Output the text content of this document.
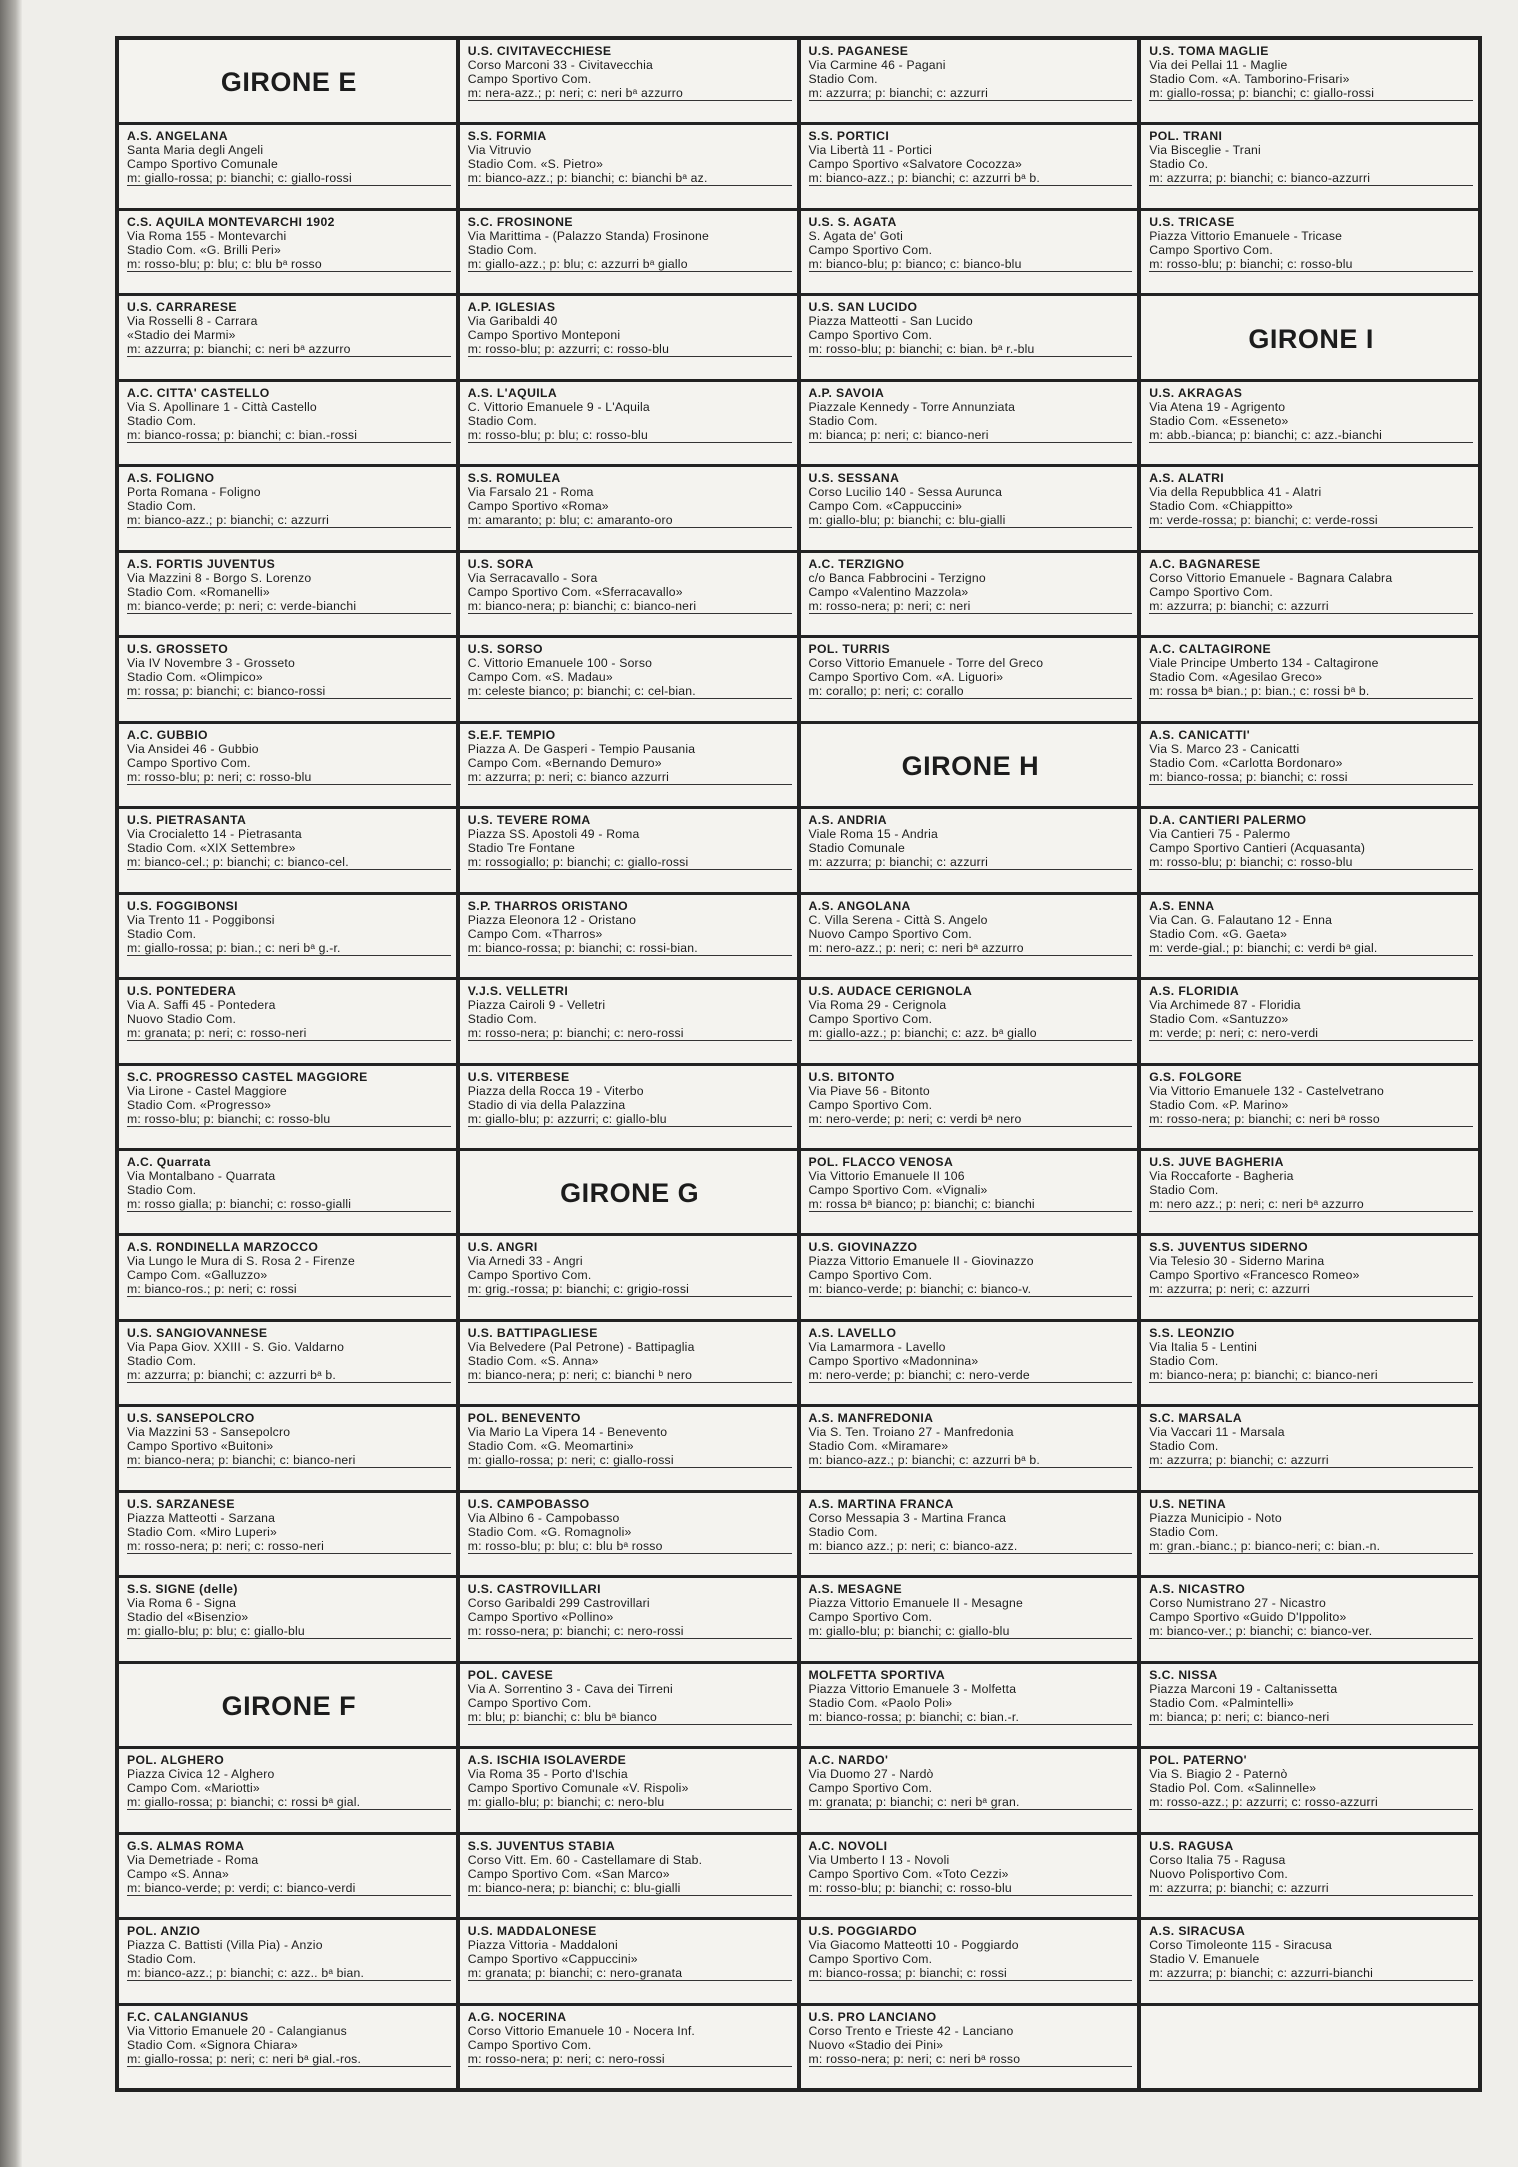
GIRONE E
A.S. ANGELANA
Santa Maria degli Angeli
Campo Sportivo Comunale
m: giallo-rossa; p: bianchi; c: giallo-rossi
C.S. AQUILA MONTEVARCHI 1902
Via Roma 155 - Montevarchi
Stadio Com. «G. Brilli Peri»
m: rosso-blu; p: blu; c: blu bᵃ rosso
U.S. CARRARESE
Via Rosselli 8 - Carrara
«Stadio dei Marmi»
m: azzurra; p: bianchi; c: neri bᵃ azzurro
A.C. CITTA' CASTELLO
Via S. Apollinare 1 - Città Castello
Stadio Com.
m: bianco-rossa; p: bianchi; c: bian.-rossi
A.S. FOLIGNO
Porta Romana - Foligno
Stadio Com.
m: bianco-azz.; p: bianchi; c: azzurri
A.S. FORTIS JUVENTUS
Via Mazzini 8 - Borgo S. Lorenzo
Stadio Com. «Romanelli»
m: bianco-verde; p: neri; c: verde-bianchi
U.S. GROSSETO
Via IV Novembre 3 - Grosseto
Stadio Com. «Olimpico»
m: rossa; p: bianchi; c: bianco-rossi
A.C. GUBBIO
Via Ansidei 46 - Gubbio
Campo Sportivo Com.
m: rosso-blu; p: neri; c: rosso-blu
U.S. PIETRASANTA
Via Crocialetto 14 - Pietrasanta
Stadio Com. «XIX Settembre»
m: bianco-cel.; p: bianchi; c: bianco-cel.
U.S. FOGGIBONSI
Via Trento 11 - Poggibonsi
Stadio Com.
m: giallo-rossa; p: bian.; c: neri bᵃ g.-r.
U.S. PONTEDERA
Via A. Saffi 45 - Pontedera
Nuovo Stadio Com.
m: granata; p: neri; c: rosso-neri
S.C. PROGRESSO CASTEL MAGGIORE
Via Lirone - Castel Maggiore
Stadio Com. «Progresso»
m: rosso-blu; p: bianchi; c: rosso-blu
A.C. Quarrata
Via Montalbano - Quarrata
Stadio Com.
m: rosso gialla; p: bianchi; c: rosso-gialli
A.S. RONDINELLA MARZOCCO
Via Lungo le Mura di S. Rosa 2 - Firenze
Campo Com. «Galluzzo»
m: bianco-ros.; p: neri; c: rossi
U.S. SANGIOVANNESE
Via Papa Giov. XXIII - S. Gio. Valdarno
Stadio Com.
m: azzurra; p: bianchi; c: azzurri bᵃ b.
U.S. SANSEPOLCRO
Via Mazzini 53 - Sansepolcro
Campo Sportivo «Buitoni»
m: bianco-nera; p: bianchi; c: bianco-neri
U.S. SARZANESE
Piazza Matteotti - Sarzana
Stadio Com. «Miro Luperi»
m: rosso-nera; p: neri; c: rosso-neri
S.S. SIGNE (delle)
Via Roma 6 - Signa
Stadio del «Bisenzio»
m: giallo-blu; p: blu; c: giallo-blu
GIRONE F
POL. ALGHERO
Piazza Civica 12 - Alghero
Campo Com. «Mariotti»
m: giallo-rossa; p: bianchi; c: rossi bᵃ gial.
G.S. ALMAS ROMA
Via Demetriade - Roma
Campo «S. Anna»
m: bianco-verde; p: verdi; c: bianco-verdi
POL. ANZIO
Piazza C. Battisti (Villa Pia) - Anzio
Stadio Com.
m: bianco-azz.; p: bianchi; c: azz.. bᵃ bian.
F.C. CALANGIANUS
Via Vittorio Emanuele 20 - Calangianus
Stadio Com. «Signora Chiara»
m: giallo-rossa; p: neri; c: neri bᵃ gial.-ros.
U.S. CIVITAVECCHIESE
Corso Marconi 33 - Civitavecchia
Campo Sportivo Com.
m: nera-azz.; p: neri; c: neri bᵃ azzurro
S.S. FORMIA
Via Vitruvio
Stadio Com. «S. Pietro»
m: bianco-azz.; p: bianchi; c: bianchi bᵃ az.
S.C. FROSINONE
Via Marittima - (Palazzo Standa) Frosinone
Stadio Com.
m: giallo-azz.; p: blu; c: azzurri bᵃ giallo
A.P. IGLESIAS
Via Garibaldi 40
Campo Sportivo Monteponi
m: rosso-blu; p: azzurri; c: rosso-blu
A.S. L'AQUILA
C. Vittorio Emanuele 9 - L'Aquila
Stadio Com.
m: rosso-blu; p: blu; c: rosso-blu
S.S. ROMULEA
Via Farsalo 21 - Roma
Campo Sportivo «Roma»
m: amaranto; p: blu; c: amaranto-oro
U.S. SORA
Via Serracavallo - Sora
Campo Sportivo Com. «Sferracavallo»
m: bianco-nera; p: bianchi; c: bianco-neri
U.S. SORSO
C. Vittorio Emanuele 100 - Sorso
Campo Com. «S. Madau»
m: celeste bianco; p: bianchi; c: cel-bian.
S.E.F. TEMPIO
Piazza A. De Gasperi - Tempio Pausania
Campo Com. «Bernando Demuro»
m: azzurra; p: neri; c: bianco azzurri
U.S. TEVERE ROMA
Piazza SS. Apostoli 49 - Roma
Stadio Tre Fontane
m: rossogiallo; p: bianchi; c: giallo-rossi
S.P. THARROS ORISTANO
Piazza Eleonora 12 - Oristano
Campo Com. «Tharros»
m: bianco-rossa; p: bianchi; c: rossi-bian.
V.J.S. VELLETRI
Piazza Cairoli 9 - Velletri
Stadio Com.
m: rosso-nera; p: bianchi; c: nero-rossi
U.S. VITERBESE
Piazza della Rocca 19 - Viterbo
Stadio di via della Palazzina
m: giallo-blu; p: azzurri; c: giallo-blu
GIRONE G
U.S. ANGRI
Via Arnedi 33 - Angri
Campo Sportivo Com.
m: grig.-rossa; p: bianchi; c: grigio-rossi
U.S. BATTIPAGLIESE
Via Belvedere (Pal Petrone) - Battipaglia
Stadio Com. «S. Anna»
m: bianco-nera; p: neri; c: bianchi ᵇ nero
POL. BENEVENTO
Via Mario La Vipera 14 - Benevento
Stadio Com. «G. Meomartini»
m: giallo-rossa; p: neri; c: giallo-rossi
U.S. CAMPOBASSO
Via Albino 6 - Campobasso
Stadio Com. «G. Romagnoli»
m: rosso-blu; p: blu; c: blu bᵃ rosso
U.S. CASTROVILLARI
Corso Garibaldi 299 Castrovillari
Campo Sportivo «Pollino»
m: rosso-nera; p: bianchi; c: nero-rossi
POL. CAVESE
Via A. Sorrentino 3 - Cava dei Tirreni
Campo Sportivo Com.
m: blu; p: bianchi; c: blu bᵃ bianco
A.S. ISCHIA ISOLAVERDE
Via Roma 35 - Porto d'Ischia
Campo Sportivo Comunale «V. Rispoli»
m: giallo-blu; p: bianchi; c: nero-blu
S.S. JUVENTUS STABIA
Corso Vitt. Em. 60 - Castellamare di Stab.
Campo Sportivo Com. «San Marco»
m: bianco-nera; p: bianchi; c: blu-gialli
U.S. MADDALONESE
Piazza Vittoria - Maddaloni
Campo Sportivo «Cappuccini»
m: granata; p: bianchi; c: nero-granata
A.G. NOCERINA
Corso Vittorio Emanuele 10 - Nocera Inf.
Campo Sportivo Com.
m: rosso-nera; p: neri; c: nero-rossi
U.S. PAGANESE
Via Carmine 46 - Pagani
Stadio Com.
m: azzurra; p: bianchi; c: azzurri
S.S. PORTICI
Via Libertà 11 - Portici
Campo Sportivo «Salvatore Cocozza»
m: bianco-azz.; p: bianchi; c: azzurri bᵃ b.
U.S. S. AGATA
S. Agata de' Goti
Campo Sportivo Com.
m: bianco-blu; p: bianco; c: bianco-blu
U.S. SAN LUCIDO
Piazza Matteotti - San Lucido
Campo Sportivo Com.
m: rosso-blu; p: bianchi; c: bian. bᵃ r.-blu
A.P. SAVOIA
Piazzale Kennedy - Torre Annunziata
Stadio Com.
m: bianca; p: neri; c: bianco-neri
U.S. SESSANA
Corso Lucilio 140 - Sessa Aurunca
Campo Com. «Cappuccini»
m: giallo-blu; p: bianchi; c: blu-gialli
A.C. TERZIGNO
c/o Banca Fabbrocini - Terzigno
Campo «Valentino Mazzola»
m: rosso-nera; p: neri; c: neri
POL. TURRIS
Corso Vittorio Emanuele - Torre del Greco
Campo Sportivo Com. «A. Liguori»
m: corallo; p: neri; c: corallo
GIRONE H
A.S. ANDRIA
Viale Roma 15 - Andria
Stadio Comunale
m: azzurra; p: bianchi; c: azzurri
A.S. ANGOLANA
C. Villa Serena - Città S. Angelo
Nuovo Campo Sportivo Com.
m: nero-azz.; p: neri; c: neri bᵃ azzurro
U.S. AUDACE CERIGNOLA
Via Roma 29 - Cerignola
Campo Sportivo Com.
m: giallo-azz.; p: bianchi; c: azz. bᵃ giallo
U.S. BITONTO
Via Piave 56 - Bitonto
Campo Sportivo Com.
m: nero-verde; p: neri; c: verdi bᵃ nero
POL. FLACCO VENOSA
Via Vittorio Emanuele II 106
Campo Sportivo Com. «Vignali»
m: rossa bᵃ bianco; p: bianchi; c: bianchi
U.S. GIOVINAZZO
Piazza Vittorio Emanuele II - Giovinazzo
Campo Sportivo Com.
m: bianco-verde; p: bianchi; c: bianco-v.
A.S. LAVELLO
Via Lamarmora - Lavello
Campo Sportivo «Madonnina»
m: nero-verde; p: bianchi; c: nero-verde
A.S. MANFREDONIA
Via S. Ten. Troiano 27 - Manfredonia
Stadio Com. «Miramare»
m: bianco-azz.; p: bianchi; c: azzurri bᵃ b.
A.S. MARTINA FRANCA
Corso Messapia 3 - Martina Franca
Stadio Com.
m: bianco azz.; p: neri; c: bianco-azz.
A.S. MESAGNE
Piazza Vittorio Emanuele II - Mesagne
Campo Sportivo Com.
m: giallo-blu; p: bianchi; c: giallo-blu
MOLFETTA SPORTIVA
Piazza Vittorio Emanuele 3 - Molfetta
Stadio Com. «Paolo Poli»
m: bianco-rossa; p: bianchi; c: bian.-r.
A.C. NARDO'
Via Duomo 27 - Nardò
Campo Sportivo Com.
m: granata; p: bianchi; c: neri bᵃ gran.
A.C. NOVOLI
Via Umberto I 13 - Novoli
Campo Sportivo Com. «Toto Cezzi»
m: rosso-blu; p: bianchi; c: rosso-blu
U.S. POGGIARDO
Via Giacomo Matteotti 10 - Poggiardo
Campo Sportivo Com.
m: bianco-rossa; p: bianchi; c: rossi
U.S. PRO LANCIANO
Corso Trento e Trieste 42 - Lanciano
Nuovo «Stadio dei Pini»
m: rosso-nera; p: neri; c: neri bᵃ rosso
U.S. TOMA MAGLIE
Via dei Pellai 11 - Maglie
Stadio Com. «A. Tamborino-Frisari»
m: giallo-rossa; p: bianchi; c: giallo-rossi
POL. TRANI
Via Bisceglie - Trani
Stadio Co.
m: azzurra; p: bianchi; c: bianco-azzurri
U.S. TRICASE
Piazza Vittorio Emanuele - Tricase
Campo Sportivo Com.
m: rosso-blu; p: bianchi; c: rosso-blu
GIRONE I
U.S. AKRAGAS
Via Atena 19 - Agrigento
Stadio Com. «Esseneto»
m: abb.-bianca; p: bianchi; c: azz.-bianchi
A.S. ALATRI
Via della Repubblica 41 - Alatri
Stadio Com. «Chiappitto»
m: verde-rossa; p: bianchi; c: verde-rossi
A.C. BAGNARESE
Corso Vittorio Emanuele - Bagnara Calabra
Campo Sportivo Com.
m: azzurra; p: bianchi; c: azzurri
A.C. CALTAGIRONE
Viale Principe Umberto 134 - Caltagirone
Stadio Com. «Agesilao Greco»
m: rossa bᵃ bian.; p: bian.; c: rossi bᵃ b.
A.S. CANICATTI'
Via S. Marco 23 - Canicatti
Stadio Com. «Carlotta Bordonaro»
m: bianco-rossa; p: bianchi; c: rossi
D.A. CANTIERI PALERMO
Via Cantieri 75 - Palermo
Campo Sportivo Cantieri (Acquasanta)
m: rosso-blu; p: bianchi; c: rosso-blu
A.S. ENNA
Via Can. G. Falautano 12 - Enna
Stadio Com. «G. Gaeta»
m: verde-gial.; p: bianchi; c: verdi bᵃ gial.
A.S. FLORIDIA
Via Archimede 87 - Floridia
Stadio Com. «Santuzzo»
m: verde; p: neri; c: nero-verdi
G.S. FOLGORE
Via Vittorio Emanuele 132 - Castelvetrano
Stadio Com. «P. Marino»
m: rosso-nera; p: bianchi; c: neri bᵃ rosso
U.S. JUVE BAGHERIA
Via Roccaforte - Bagheria
Stadio Com.
m: nero azz.; p: neri; c: neri bᵃ azzurro
S.S. JUVENTUS SIDERNO
Via Telesio 30 - Siderno Marina
Campo Sportivo «Francesco Romeo»
m: azzurra; p: neri; c: azzurri
S.S. LEONZIO
Via Italia 5 - Lentini
Stadio Com.
m: bianco-nera; p: bianchi; c: bianco-neri
S.C. MARSALA
Via Vaccari 11 - Marsala
Stadio Com.
m: azzurra; p: bianchi; c: azzurri
U.S. NETINA
Piazza Municipio - Noto
Stadio Com.
m: gran.-bianc.; p: bianco-neri; c: bian.-n.
A.S. NICASTRO
Corso Numistrano 27 - Nicastro
Campo Sportivo «Guido D'Ippolito»
m: bianco-ver.; p: bianchi; c: bianco-ver.
S.C. NISSA
Piazza Marconi 19 - Caltanissetta
Stadio Com. «Palmintelli»
m: bianca; p: neri; c: bianco-neri
POL. PATERNO'
Via S. Biagio 2 - Paternò
Stadio Pol. Com. «Salinnelle»
m: rosso-azz.; p: azzurri; c: rosso-azzurri
U.S. RAGUSA
Corso Italia 75 - Ragusa
Nuovo Polisportivo Com.
m: azzurra; p: bianchi; c: azzurri
A.S. SIRACUSA
Corso Timoleonte 115 - Siracusa
Stadio V. Emanuele
m: azzurra; p: bianchi; c: azzurri-bianchi
